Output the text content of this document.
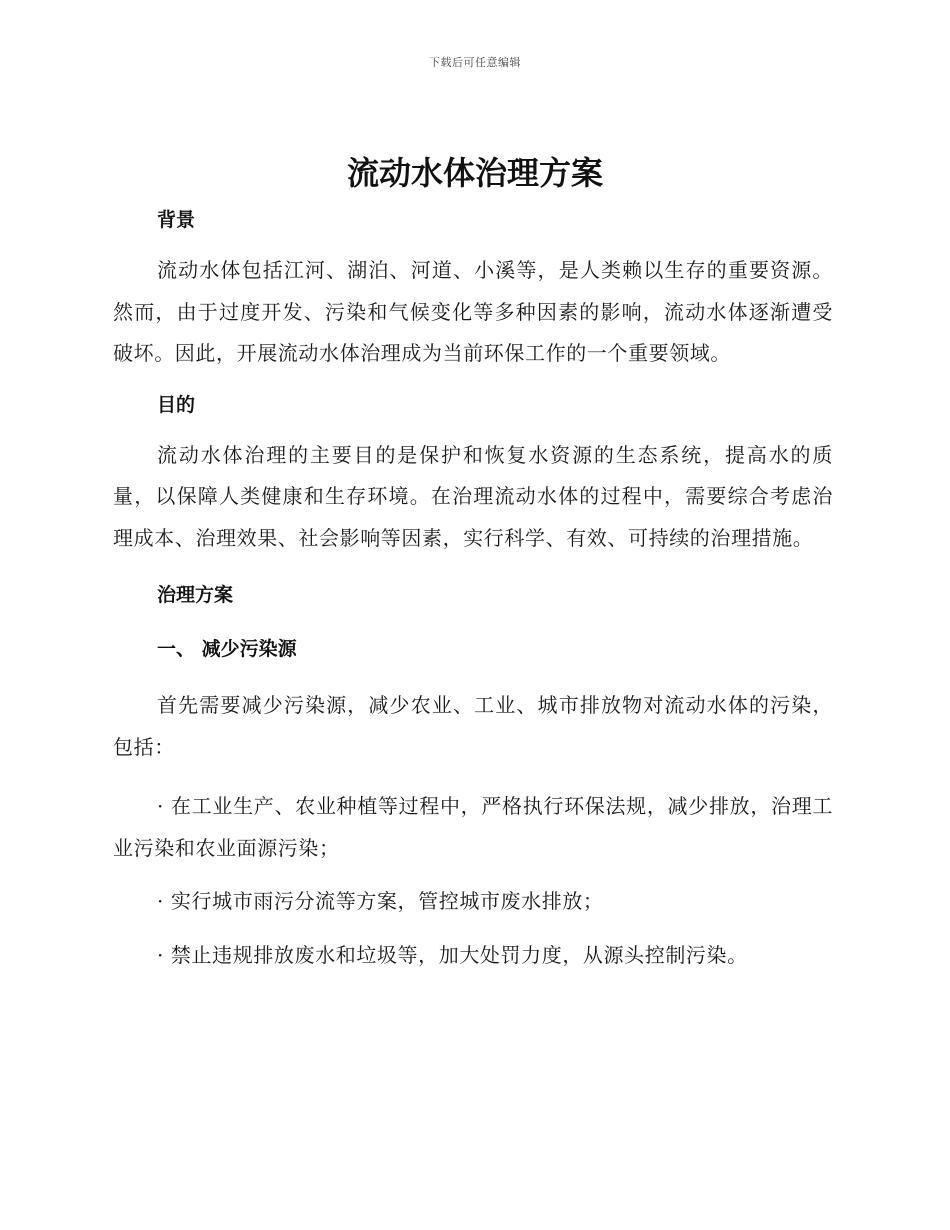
下载后可任意编辑
流动水体治理方案

背景

流动水体包括江河、湖泊、河道、小溪等，是人类赖以生存的重要资源。然而，由于过度开发、污染和气候变化等多种因素的影响，流动水体逐渐遭受破坏。因此，开展流动水体治理成为当前环保工作的一个重要领域。

目的

流动水体治理的主要目的是保护和恢复水资源的生态系统，提高水的质量，以保障人类健康和生存环境。在治理流动水体的过程中，需要综合考虑治理成本、治理效果、社会影响等因素，实行科学、有效、可持续的治理措施。

治理方案

一、 减少污染源

首先需要减少污染源，减少农业、工业、城市排放物对流动水体的污染，包括：

· 在工业生产、农业种植等过程中，严格执行环保法规，减少排放，治理工业污染和农业面源污染；

· 实行城市雨污分流等方案，管控城市废水排放；

· 禁止违规排放废水和垃圾等，加大处罚力度，从源头控制污染。
